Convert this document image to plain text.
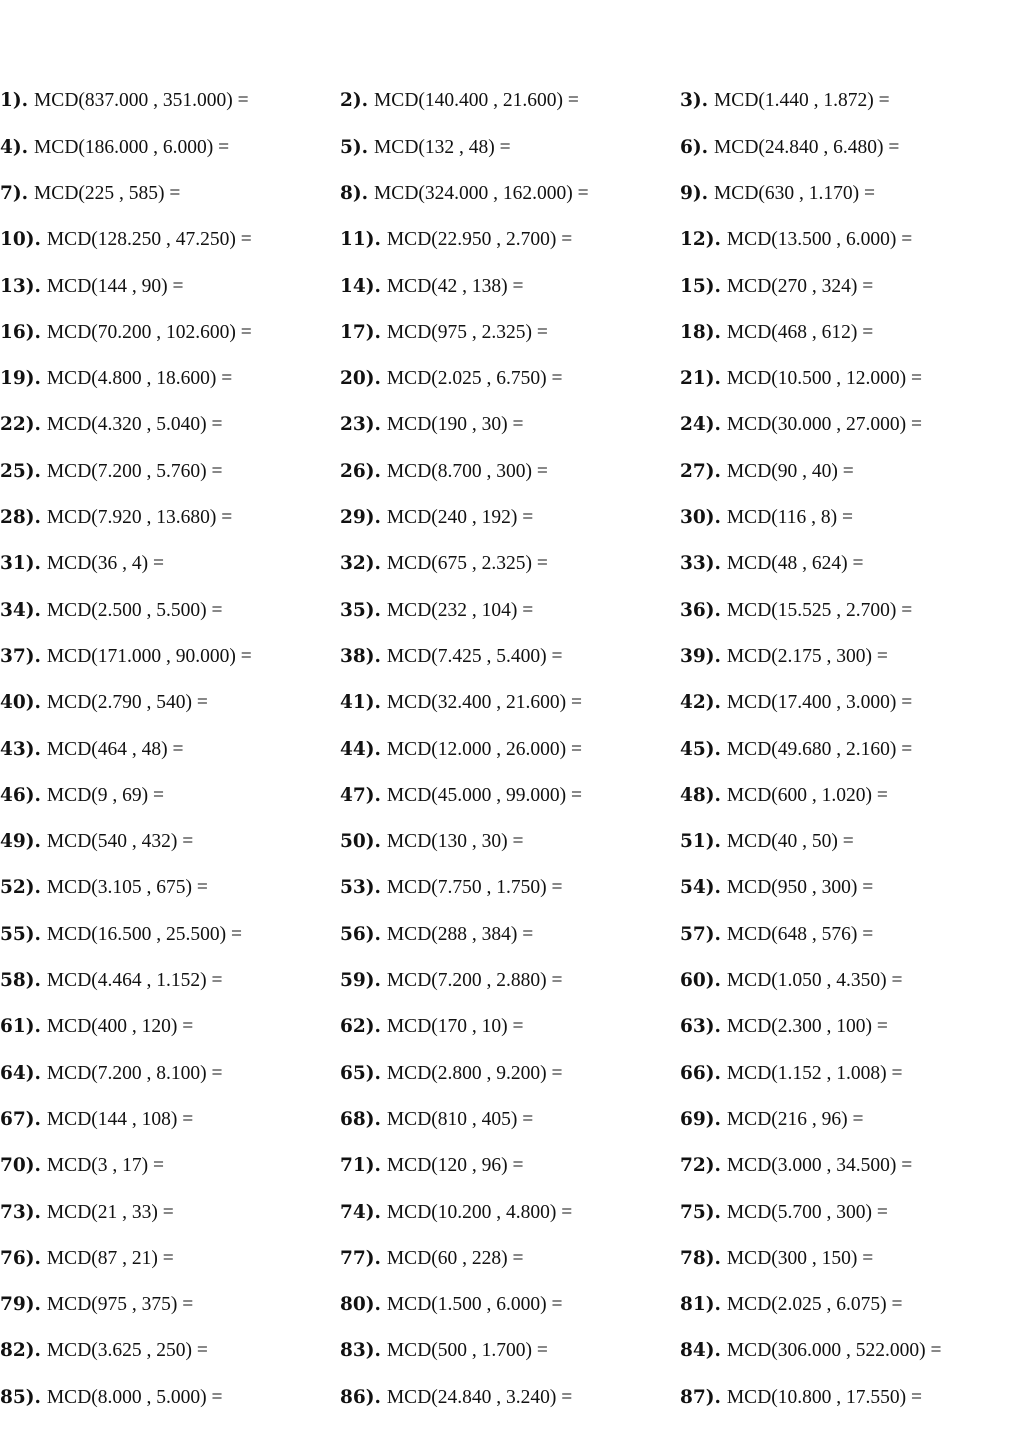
1). MCD(837.000 , 351.000) =	2). MCD(140.400 , 21.600) =	3). MCD(1.440 , 1.872) =
4). MCD(186.000 , 6.000) =	5). MCD(132 , 48) =	6). MCD(24.840 , 6.480) =
7). MCD(225 , 585) =	8). MCD(324.000 , 162.000) =	9). MCD(630 , 1.170) =
10). MCD(128.250 , 47.250) =	11). MCD(22.950 , 2.700) =	12). MCD(13.500 , 6.000) =
13). MCD(144 , 90) =	14). MCD(42 , 138) =	15). MCD(270 , 324) =
16). MCD(70.200 , 102.600) =	17). MCD(975 , 2.325) =	18). MCD(468 , 612) =
19). MCD(4.800 , 18.600) =	20). MCD(2.025 , 6.750) =	21). MCD(10.500 , 12.000) =
22). MCD(4.320 , 5.040) =	23). MCD(190 , 30) =	24). MCD(30.000 , 27.000) =
25). MCD(7.200 , 5.760) =	26). MCD(8.700 , 300) =	27). MCD(90 , 40) =
28). MCD(7.920 , 13.680) =	29). MCD(240 , 192) =	30). MCD(116 , 8) =
31). MCD(36 , 4) =	32). MCD(675 , 2.325) =	33). MCD(48 , 624) =
34). MCD(2.500 , 5.500) =	35). MCD(232 , 104) =	36). MCD(15.525 , 2.700) =
37). MCD(171.000 , 90.000) =	38). MCD(7.425 , 5.400) =	39). MCD(2.175 , 300) =
40). MCD(2.790 , 540) =	41). MCD(32.400 , 21.600) =	42). MCD(17.400 , 3.000) =
43). MCD(464 , 48) =	44). MCD(12.000 , 26.000) =	45). MCD(49.680 , 2.160) =
46). MCD(9 , 69) =	47). MCD(45.000 , 99.000) =	48). MCD(600 , 1.020) =
49). MCD(540 , 432) =	50). MCD(130 , 30) =	51). MCD(40 , 50) =
52). MCD(3.105 , 675) =	53). MCD(7.750 , 1.750) =	54). MCD(950 , 300) =
55). MCD(16.500 , 25.500) =	56). MCD(288 , 384) =	57). MCD(648 , 576) =
58). MCD(4.464 , 1.152) =	59). MCD(7.200 , 2.880) =	60). MCD(1.050 , 4.350) =
61). MCD(400 , 120) =	62). MCD(170 , 10) =	63). MCD(2.300 , 100) =
64). MCD(7.200 , 8.100) =	65). MCD(2.800 , 9.200) =	66). MCD(1.152 , 1.008) =
67). MCD(144 , 108) =	68). MCD(810 , 405) =	69). MCD(216 , 96) =
70). MCD(3 , 17) =	71). MCD(120 , 96) =	72). MCD(3.000 , 34.500) =
73). MCD(21 , 33) =	74). MCD(10.200 , 4.800) =	75). MCD(5.700 , 300) =
76). MCD(87 , 21) =	77). MCD(60 , 228) =	78). MCD(300 , 150) =
79). MCD(975 , 375) =	80). MCD(1.500 , 6.000) =	81). MCD(2.025 , 6.075) =
82). MCD(3.625 , 250) =	83). MCD(500 , 1.700) =	84). MCD(306.000 , 522.000) =
85). MCD(8.000 , 5.000) =	86). MCD(24.840 , 3.240) =	87). MCD(10.800 , 17.550) =
